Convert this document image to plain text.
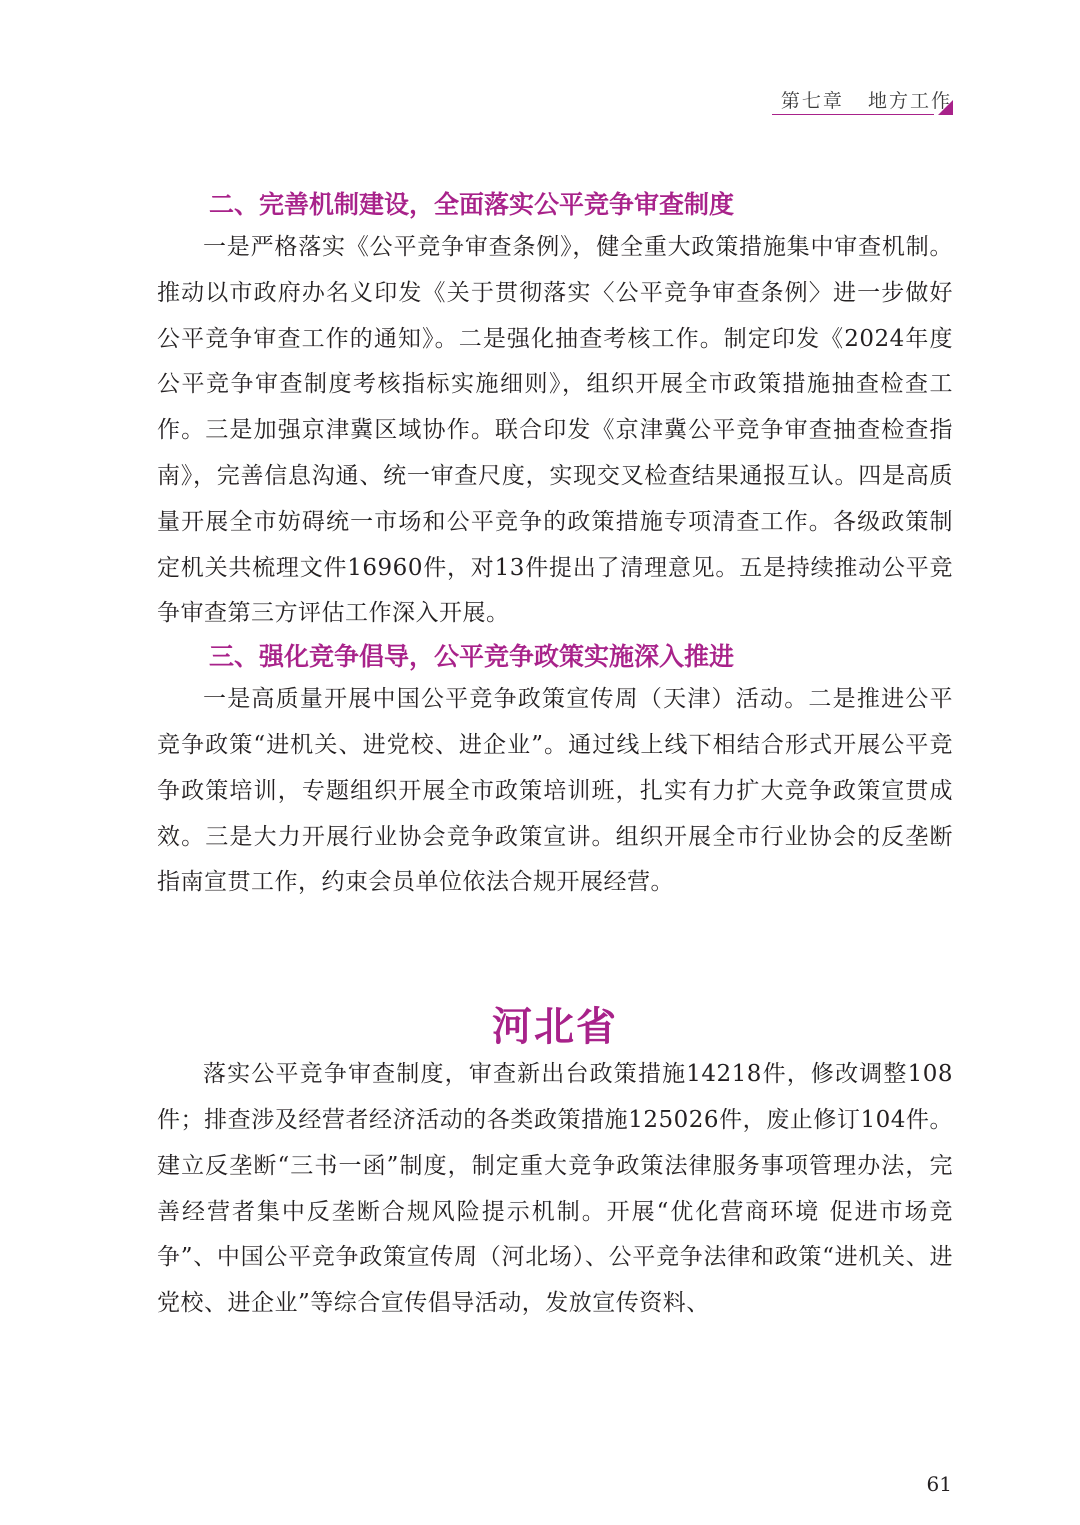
第七章 地方工作
二、完善机制建设，全面落实公平竞争审查制度

一是严格落实《公平竞争审查条例》，健全重大政策措施集中审查机制。推动以市政府办名义印发《关于贯彻落实〈公平竞争审查条例〉进一步做好公平竞争审查工作的通知》。二是强化抽查考核工作。制定印发《2024年度公平竞争审查制度考核指标实施细则》，组织开展全市政策措施抽查检查工作。三是加强京津冀区域协作。联合印发《京津冀公平竞争审查抽查检查指南》，完善信息沟通、统一审查尺度，实现交叉检查结果通报互认。四是高质量开展全市妨碍统一市场和公平竞争的政策措施专项清查工作。各级政策制定机关共梳理文件16960件，对13件提出了清理意见。五是持续推动公平竞争审查第三方评估工作深入开展。

三、强化竞争倡导，公平竞争政策实施深入推进

一是高质量开展中国公平竞争政策宣传周（天津）活动。二是推进公平竞争政策“进机关、进党校、进企业”。通过线上线下相结合形式开展公平竞争政策培训，专题组织开展全市政策培训班，扎实有力扩大竞争政策宣贯成效。三是大力开展行业协会竞争政策宣讲。组织开展全市行业协会的反垄断指南宣贯工作，约束会员单位依法合规开展经营。

河北省

落实公平竞争审查制度，审查新出台政策措施14218件，修改调整108件；排查涉及经营者经济活动的各类政策措施125026件，废止修订104件。建立反垄断“三书一函”制度，制定重大竞争政策法律服务事项管理办法，完善经营者集中反垄断合规风险提示机制。开展“优化营商环境 促进市场竞争”、中国公平竞争政策宣传周（河北场）、公平竞争法律和政策“进机关、进党校、进企业”等综合宣传倡导活动，发放宣传资料、

61
